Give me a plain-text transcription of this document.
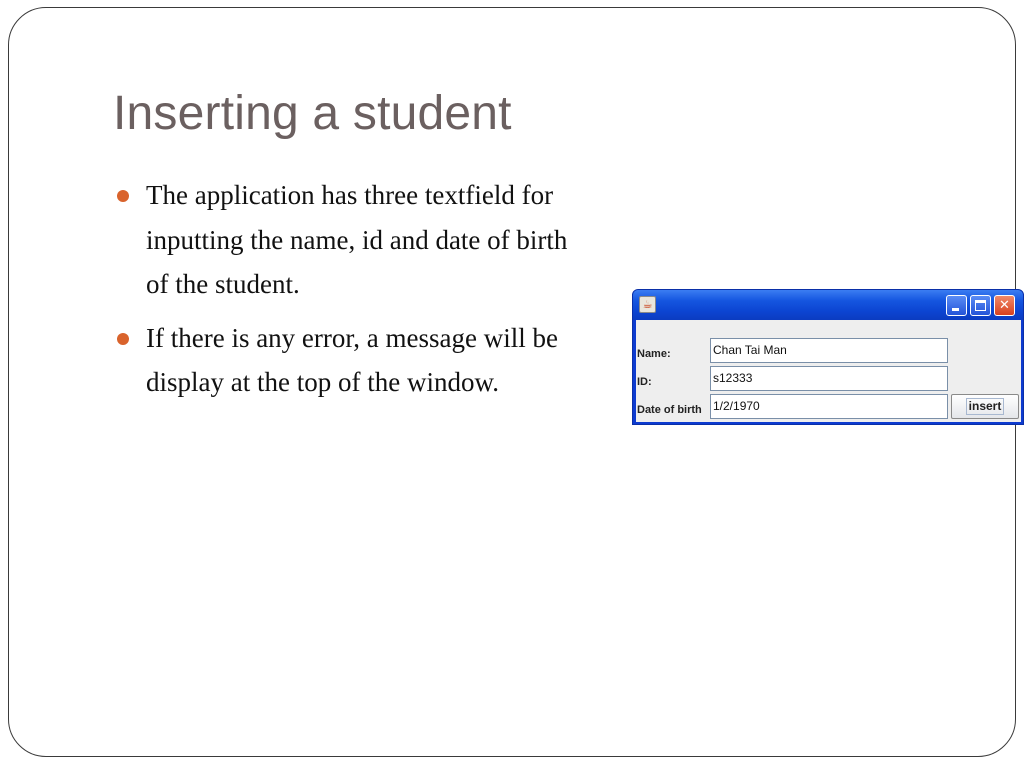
Inserting a student
The application has three textfield for inputting the name, id and date of birth of the student.
If there is any error, a message will be display at the top of the window.
☕	✕
Name:	Chan Tai Man
ID:	s12333
Date of birth 1/2/1970	insert
